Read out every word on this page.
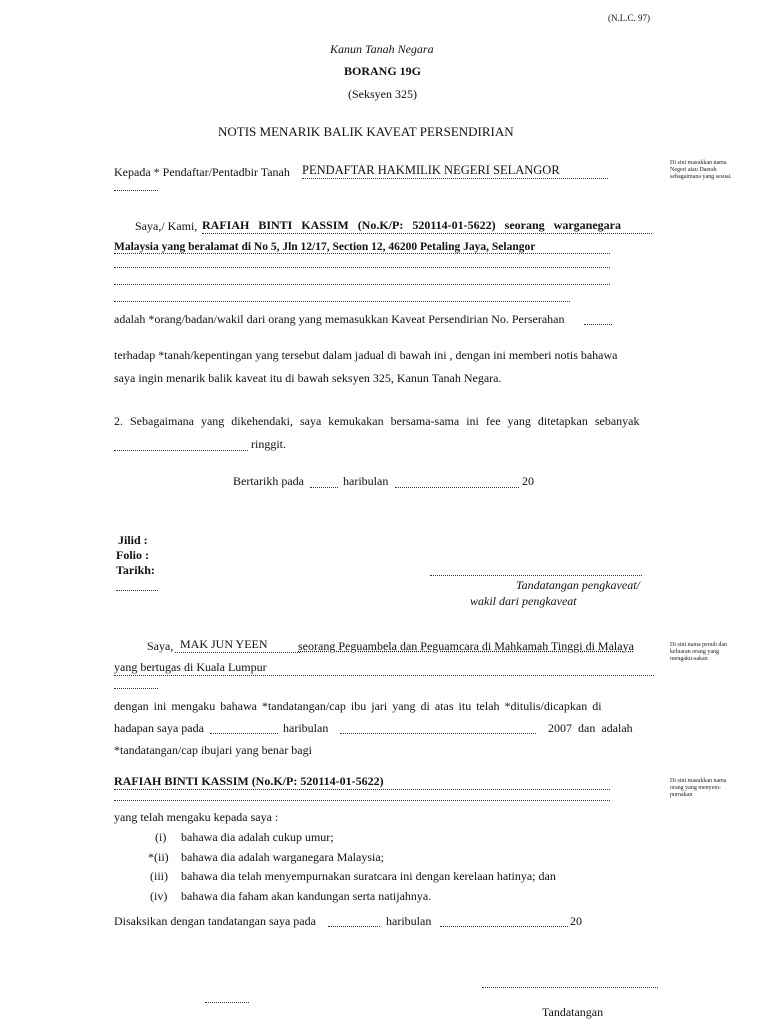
(N.L.C. 97)
Kanun Tanah Negara
BORANG 19G
(Seksyen 325)
NOTIS MENARIK BALIK KAVEAT PERSENDIRIAN
Kepada * Pendaftar/Pentadbir Tanah PENDAFTAR HAKMILIK NEGERI SELANGOR
Saya,/ Kami, RAFIAH BINTI KASSIM (No.K/P: 520114-01-5622) seorang warganegara
Malaysia yang beralamat di No 5, Jln 12/17, Section 12, 46200 Petaling Jaya, Selangor
adalah *orang/badan/wakil dari orang yang memasukkan Kaveat Persendirian No. Perserahan
terhadap *tanah/kepentingan yang tersebut dalam jadual di bawah ini , dengan ini memberi notis bahawa
saya ingin menarik balik kaveat itu di bawah seksyen 325, Kanun Tanah Negara.
2. Sebagaimana yang dikehendaki, saya kemukakan bersama-sama ini fee yang ditetapkan sebanyak
ringgit.
Bertarikh pada	haribulan	20
Jilid :
Folio :
Tarikh:
Tandatangan pengkaveat/
wakil dari pengkaveat
Saya, MAK JUN YEEN	seorang Peguambela dan Peguamcara di Mahkamah Tinggi di Malaya
yang bertugas di Kuala Lumpur
dengan ini mengaku bahawa *tandatangan/cap ibu jari yang di atas itu telah *ditulis/dicapkan di
hadapan saya pada	haribulan	2007 dan adalah
*tandatangan/cap ibujari yang benar bagi
RAFIAH BINTI KASSIM (No.K/P: 520114-01-5622)
yang telah mengaku kepada saya :
(i) bahawa dia adalah cukup umur;
*(ii) bahawa dia adalah warganegara Malaysia;
(iii) bahawa dia telah menyempurnakan suratcara ini dengan kerelaan hatinya; dan
(iv) bahawa dia faham akan kandungan serta natijahnya.
Disaksikan dengan tandatangan saya pada	haribulan	20
Tandatangan
Di sini masukkan nama Negeri atau Daerah sebagaimana yang sesuai.
Di sini nama penuh dan keluaran orang yang mengaku-sakan
Di sini masukkan nama orang yang menyem-purnakan
